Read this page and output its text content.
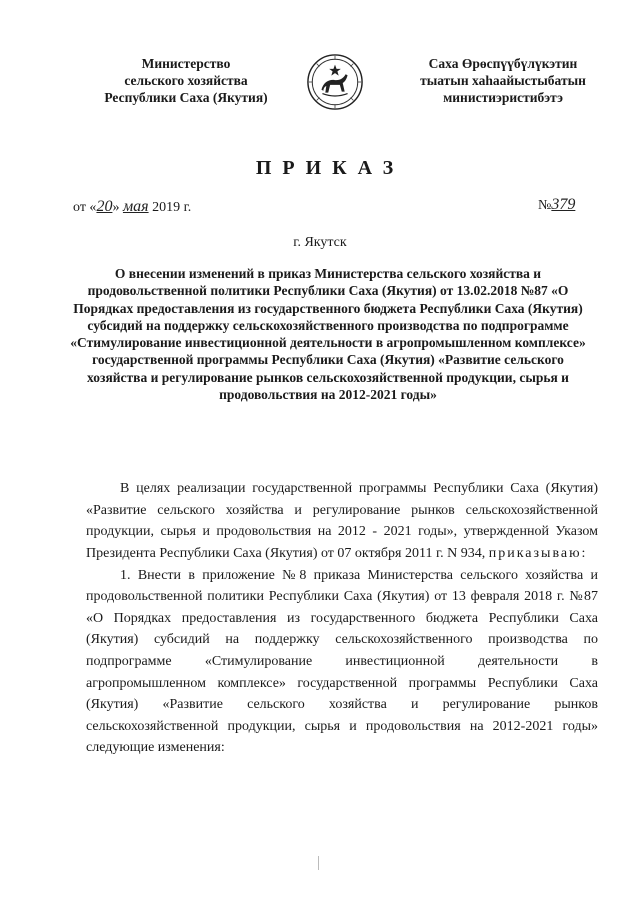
Министерство
сельского хозяйства
Республики Саха (Якутия)
Саха Өрөспүүбүлүкэтин
тыатын хаһаайыстыбатын
министиэристибэтэ
ПРИКАЗ
от «20» мая 2019 г.	№379
г. Якутск
О внесении изменений в приказ Министерства сельского хозяйства и продовольственной политики Республики Саха (Якутия) от 13.02.2018 №87 «О Порядках предоставления из государственного бюджета Республики Саха (Якутия) субсидий на поддержку сельскохозяйственного производства по подпрограмме «Стимулирование инвестиционной деятельности в агропромышленном комплексе» государственной программы Республики Саха (Якутия) «Развитие сельского хозяйства и регулирование рынков сельскохозяйственной продукции, сырья и продовольствия на 2012-2021 годы»

В целях реализации государственной программы Республики Саха (Якутия) «Развитие сельского хозяйства и регулирование рынков сельскохозяйственной продукции, сырья и продовольствия на 2012 - 2021 годы», утвержденной Указом Президента Республики Саха (Якутия) от 07 октября 2011 г. N 934, приказываю:

1. Внести в приложение №8 приказа Министерства сельского хозяйства и продовольственной политики Республики Саха (Якутия) от 13 февраля 2018 г. №87 «О Порядках предоставления из государственного бюджета Республики Саха (Якутия) субсидий на поддержку сельскохозяйственного производства по подпрограмме «Стимулирование инвестиционной деятельности в агропромышленном комплексе» государственной программы Республики Саха (Якутия) «Развитие сельского хозяйства и регулирование рынков сельскохозяйственной продукции, сырья и продовольствия на 2012-2021 годы» следующие изменения:
